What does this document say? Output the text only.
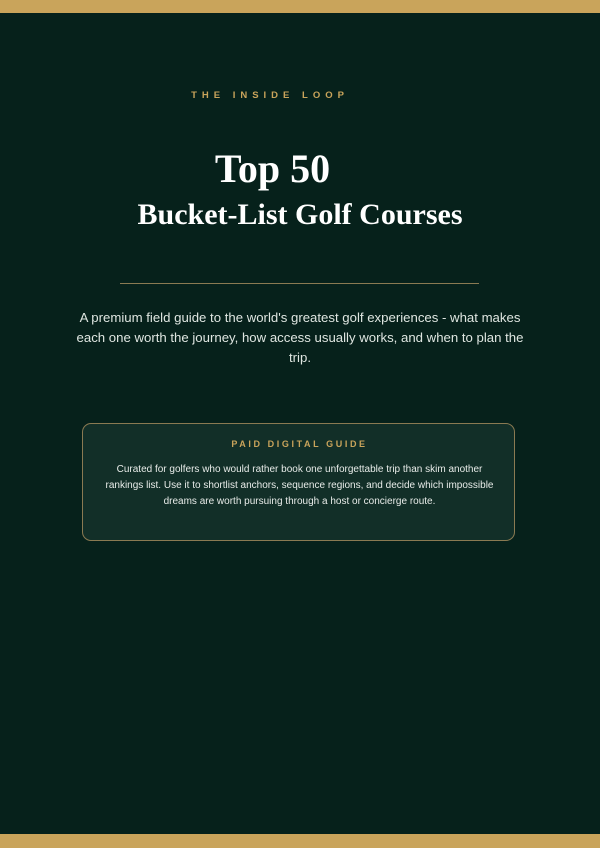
THE INSIDE LOOP
Top 50
Bucket-List Golf Courses
A premium field guide to the world's greatest golf experiences - what makes each one worth the journey, how access usually works, and when to plan the trip.
PAID DIGITAL GUIDE
Curated for golfers who would rather book one unforgettable trip than skim another rankings list. Use it to shortlist anchors, sequence regions, and decide which impossible dreams are worth pursuing through a host or concierge route.
